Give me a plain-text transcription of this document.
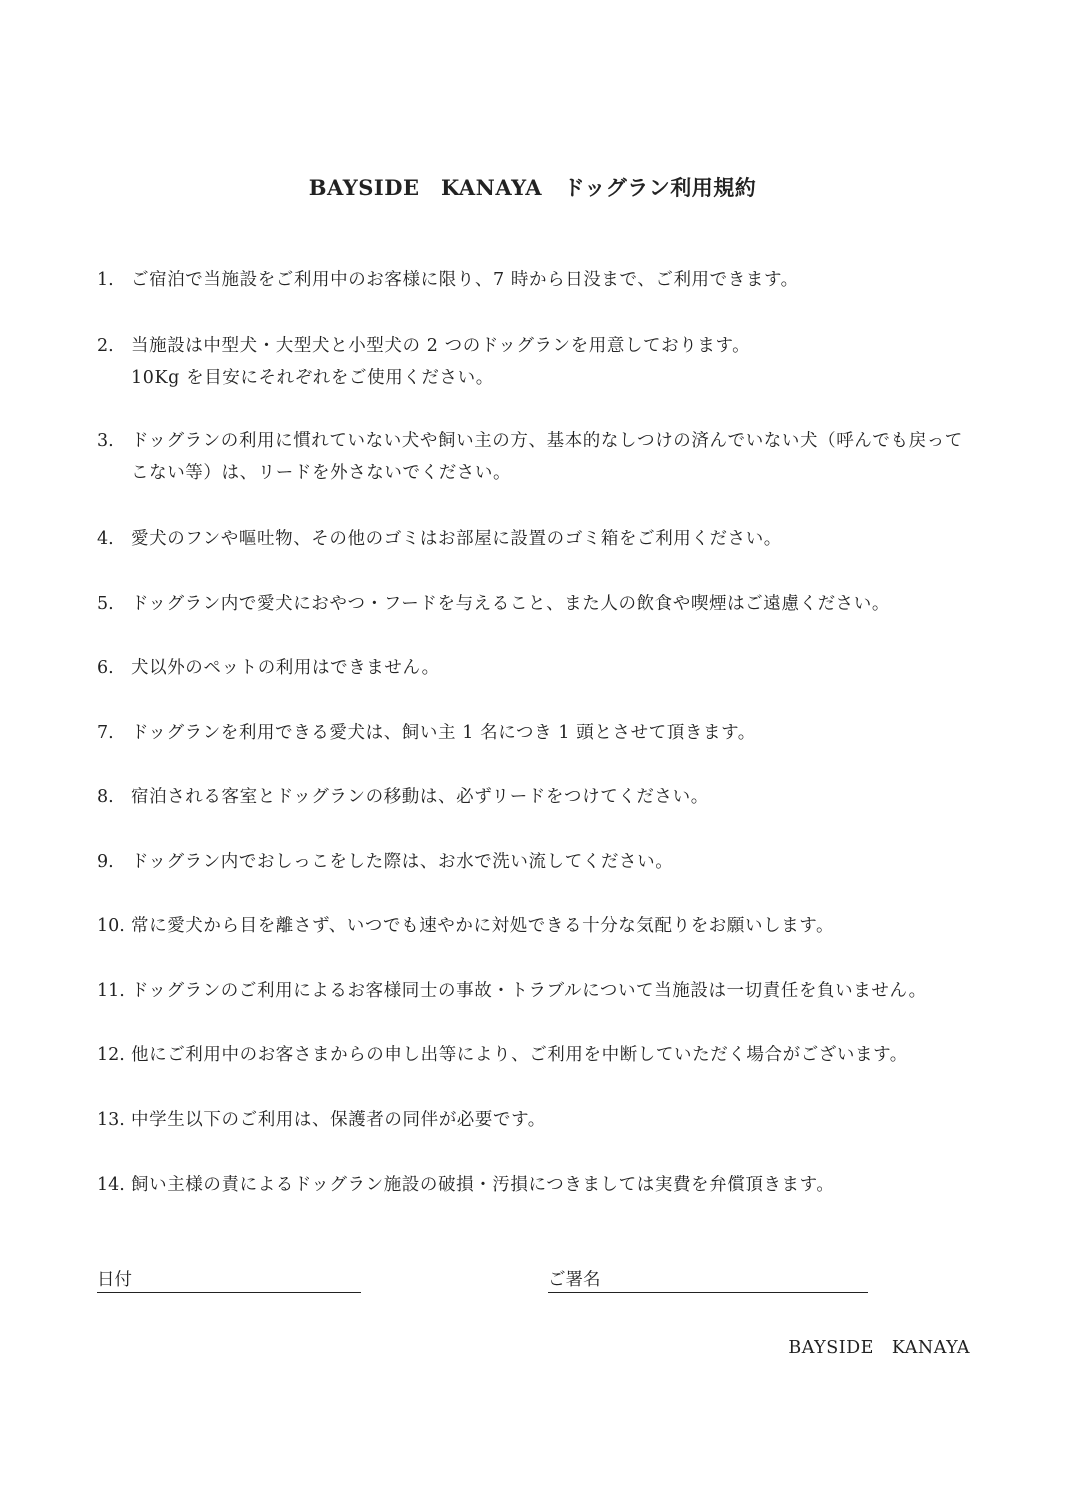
BAYSIDE　KANAYA　ドッグラン利用規約
1. ご宿泊で当施設をご利用中のお客様に限り、7 時から日没まで、ご利用できます。
2. 当施設は中型犬・大型犬と小型犬の 2 つのドッグランを用意しております。
10Kg を目安にそれぞれをご使用ください。
3. ドッグランの利用に慣れていない犬や飼い主の方、基本的なしつけの済んでいない犬（呼んでも戻ってこない等）は、リードを外さないでください。
4. 愛犬のフンや嘔吐物、その他のゴミはお部屋に設置のゴミ箱をご利用ください。
5. ドッグラン内で愛犬におやつ・フードを与えること、また人の飲食や喫煙はご遠慮ください。
6. 犬以外のペットの利用はできません。
7. ドッグランを利用できる愛犬は、飼い主 1 名につき 1 頭とさせて頂きます。
8. 宿泊される客室とドッグランの移動は、必ずリードをつけてください。
9. ドッグラン内でおしっこをした際は、お水で洗い流してください。
10. 常に愛犬から目を離さず、いつでも速やかに対処できる十分な気配りをお願いします。
11. ドッグランのご利用によるお客様同士の事故・トラブルについて当施設は一切責任を負いません。
12. 他にご利用中のお客さまからの申し出等により、ご利用を中断していただく場合がございます。
13. 中学生以下のご利用は、保護者の同伴が必要です。
14. 飼い主様の責によるドッグラン施設の破損・汚損につきましては実費を弁償頂きます。
日付	ご署名
BAYSIDE　KANAYA
